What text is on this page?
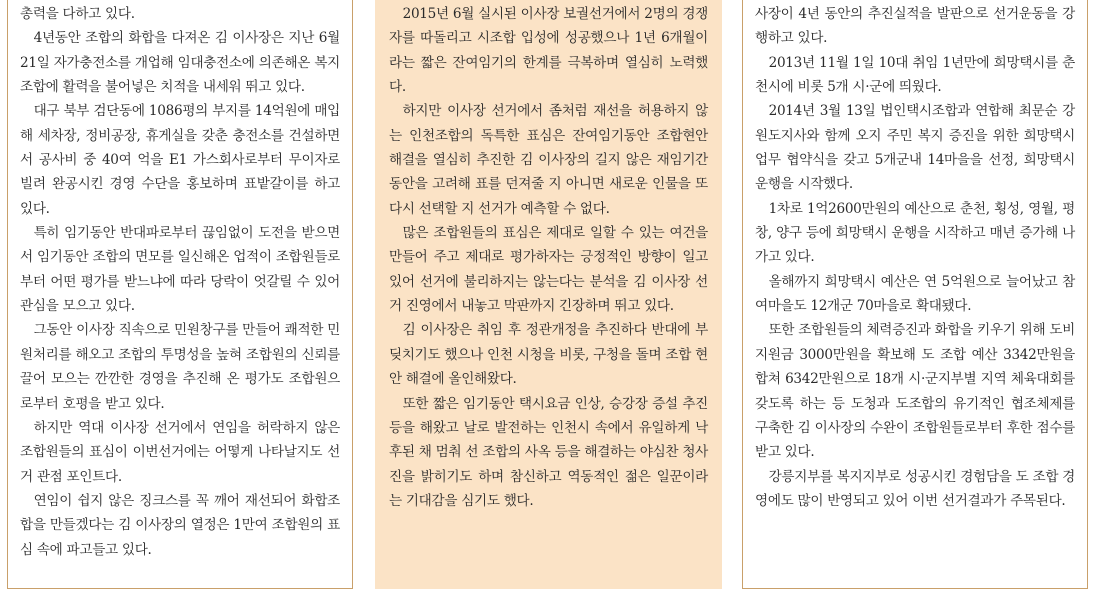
총력을 다하고 있다.

4년동안 조합의 화합을 다져온 김 이사장은 지난 6월 21일 자가충전소를 개업해 임대충전소에 의존해온 복지조합에 활력을 불어넣은 치적을 내세워 뛰고 있다.

대구 북부 검단동에 1086평의 부지를 14억원에 매입해 세차장, 정비공장, 휴게실을 갖춘 충전소를 건설하면서 공사비 중 40여 억을 E1 가스회사로부터 무이자로 빌려 완공시킨 경영 수단을 홍보하며 표밭갈이를 하고 있다.

특히 임기동안 반대파로부터 끊임없이 도전을 받으면서 임기동안 조합의 면모를 일신해온 업적이 조합원들로부터 어떤 평가를 받느냐에 따라 당락이 엇갈릴 수 있어 관심을 모으고 있다.

그동안 이사장 직속으로 민원창구를 만들어 쾌적한 민원처리를 해오고 조합의 투명성을 높혀 조합원의 신뢰를 끌어 모으는 깐깐한 경영을 추진해 온 평가도 조합원으로부터 호평을 받고 있다.

하지만 역대 이사장 선거에서 연임을 허락하지 않은 조합원들의 표심이 이번선거에는 어떻게 나타날지도 선거 관점 포인트다.

연임이 쉽지 않은 징크스를 꼭 깨어 재선되어 화합조합을 만들겠다는 김 이사장의 열정은 1만여 조합원의 표심 속에 파고들고 있다.

2015년 6월 실시된 이사장 보궐선거에서 2명의 경쟁자를 따돌리고 시조합 입성에 성공했으나 1년 6개월이라는 짧은 잔여임기의 한계를 극복하며 열심히 노력했다.

하지만 이사장 선거에서 좀처럼 재선을 허용하지 않는 인천조합의 독특한 표심은 잔여임기동안 조합현안 해결을 열심히 추진한 김 이사장의 길지 않은 재임기간 동안을 고려해 표를 던져줄 지 아니면 새로운 인물을 또다시 선택할 지 선거가 예측할 수 없다.

많은 조합원들의 표심은 제대로 일할 수 있는 여건을 만들어 주고 제대로 평가하자는 긍정적인 방향이 일고 있어 선거에 불리하지는 않는다는 분석을 김 이사장 선거 진영에서 내놓고 막판까지 긴장하며 뛰고 있다.

김 이사장은 취임 후 정관개정을 추진하다 반대에 부딪치기도 했으나 인천 시청을 비롯, 구청을 돌며 조합 현안 해결에 올인해왔다.

또한 짧은 임기동안 택시요금 인상, 승강장 증설 추진 등을 해왔고 날로 발전하는 인천시 속에서 유일하게 낙후된 채 멈춰 선 조합의 사옥 등을 해결하는 야심찬 청사진을 밝히기도 하며 참신하고 역동적인 젊은 일꾼이라는 기대감을 심기도 했다.

사장이 4년 동안의 추진실적을 발판으로 선거운동을 강행하고 있다.

2013년 11월 1일 10대 취임 1년만에 희망택시를 춘천시에 비롯 5개 시·군에 띄웠다.

2014년 3월 13일 법인택시조합과 연합해 최문순 강원도지사와 함께 오지 주민 복지 증진을 위한 희망택시 업무 협약식을 갖고 5개군내 14마을을 선정, 희망택시 운행을 시작했다.

1차로 1억2600만원의 예산으로 춘천, 횡성, 영월, 평창, 양구 등에 희망택시 운행을 시작하고 매년 증가해 나가고 있다.

올해까지 희망택시 예산은 연 5억원으로 늘어났고 참여마을도 12개군 70마을로 확대됐다.

또한 조합원들의 체력증진과 화합을 키우기 위해 도비지원금 3000만원을 확보해 도 조합 예산 3342만원을 합쳐 6342만원으로 18개 시·군지부별 지역 체육대회를 갖도록 하는 등 도청과 도조합의 유기적인 협조체제를 구축한 김 이사장의 수완이 조합원들로부터 후한 점수를 받고 있다.

강릉지부를 복지지부로 성공시킨 경험담을 도 조합 경영에도 많이 반영되고 있어 이번 선거결과가 주목된다.
